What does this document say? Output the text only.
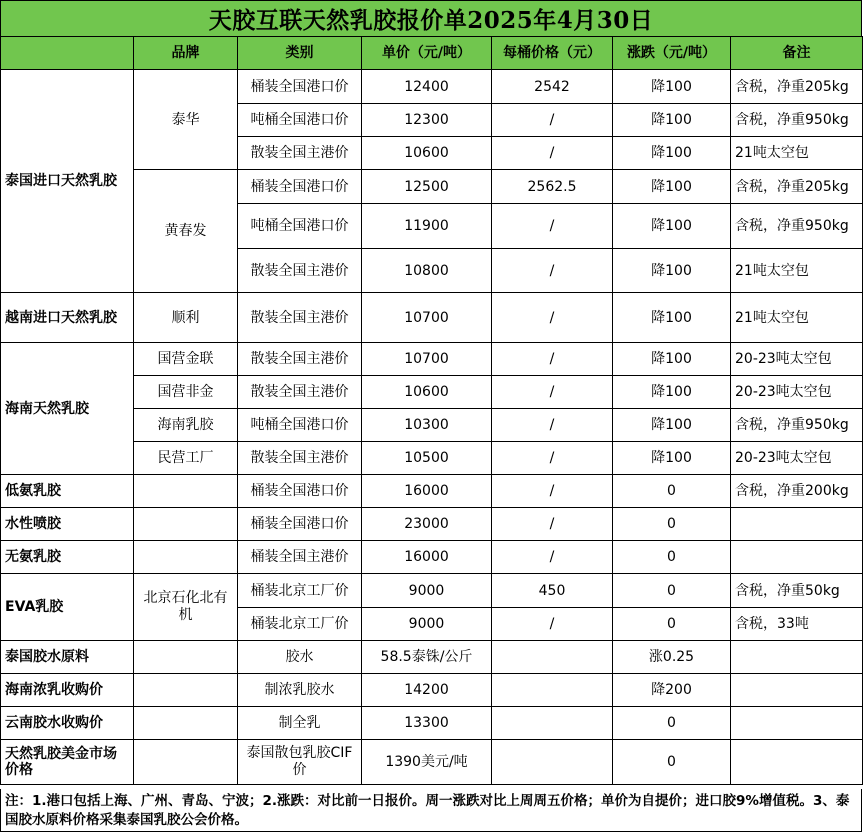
天胶互联天然乳胶报价单2025年4月30日
	品牌	类别	单价（元/吨）	每桶价格（元）	涨跌（元/吨）	备注
泰国进口天然乳胶	泰华	桶装全国港口价	12400	2542	降100	含税，净重205kg
		吨桶全国港口价	12300	/	降100	含税，净重950kg
		散装全国主港价	10600	/	降100	21吨太空包
	黄春发	桶装全国港口价	12500	2562.5	降100	含税，净重205kg
		吨桶全国港口价	11900	/	降100	含税，净重950kg
		散装全国主港价	10800	/	降100	21吨太空包
越南进口天然乳胶	顺利	散装全国主港价	10700	/	降100	21吨太空包
海南天然乳胶	国营金联	散装全国主港价	10700	/	降100	20-23吨太空包
	国营非金	散装全国主港价	10600	/	降100	20-23吨太空包
	海南乳胶	吨桶全国港口价	10300	/	降100	含税，净重950kg
	民营工厂	散装全国主港价	10500	/	降100	20-23吨太空包
低氨乳胶		桶装全国港口价	16000	/	0	含税，净重200kg
水性喷胶		桶装全国港口价	23000	/	0	
无氨乳胶		桶装全国主港价	16000	/	0	
EVA乳胶	北京石化北有机	桶装北京工厂价	9000	450	0	含税，净重50kg
		桶装北京工厂价	9000	/	0	含税，33吨
泰国胶水原料		胶水	58.5泰铢/公斤		涨0.25	
海南浓乳收购价		制浓乳胶水	14200		降200	
云南胶水收购价		制全乳	13300		0	
天然乳胶美金市场价格		泰国散包乳胶CIF价	1390美元/吨		0	
注：1.港口包括上海、广州、青岛、宁波；2.涨跌：对比前一日报价。周一涨跌对比上周周五价格；单价为自提价；进口胶9%增值税。3、泰国胶水原料价格采集泰国乳胶公会价格。
